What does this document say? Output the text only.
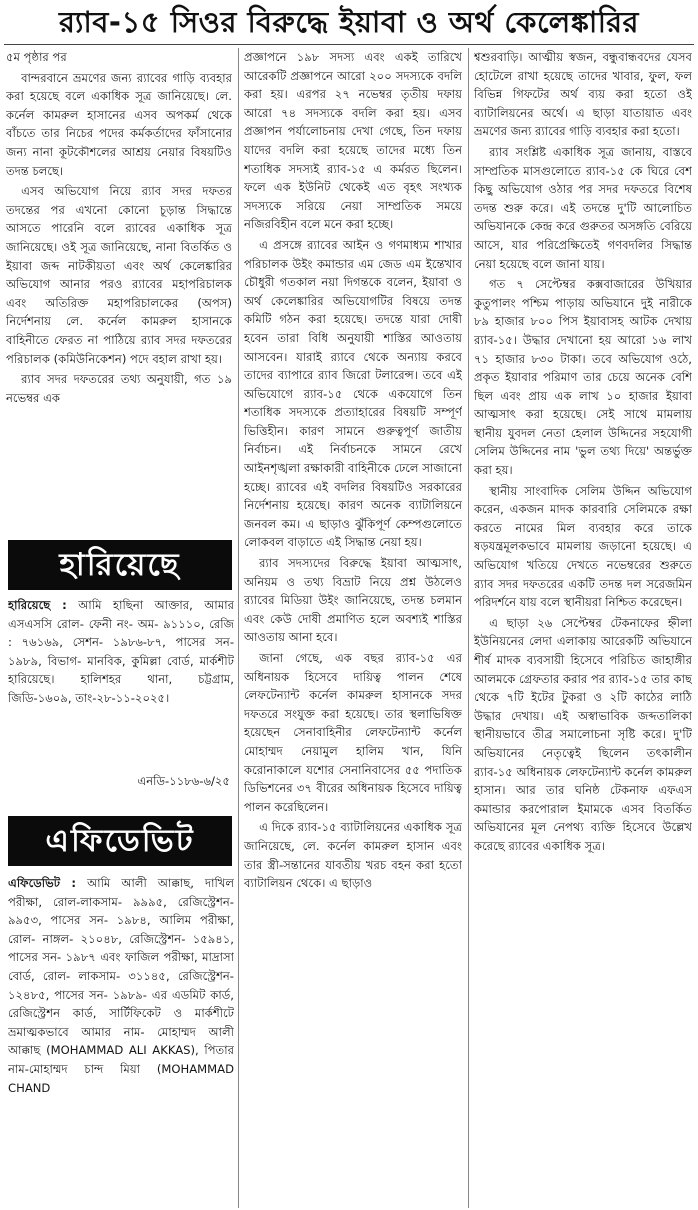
র‍্যাব-১৫ সিওর বিরুদ্ধে ইয়াবা ও অর্থ কেলেঙ্কারির

৫ম পৃষ্ঠার পর

বান্দরবানে ভ্রমণের জন্য র‍্যাবের গাড়ি ব্যবহার করা হয়েছে বলে একাধিক সূত্র জানিয়েছে। লে. কর্নেল কামরুল হাসানের এসব অপকর্ম থেকে বাঁচতে তার নিচের পদের কর্মকর্তাদের ফাঁসানোর জন্য নানা কূটকৌশলের আশ্রয় নেয়ার বিষয়টিও তদন্ত চলছে।

এসব অভিযোগ নিয়ে র‍্যাব সদর দফতর তদন্তের পর এখনো কোনো চূড়ান্ত সিদ্ধান্তে আসতে পারেনি বলে র‍্যাবের একাধিক সূত্র জানিয়েছে। ওই সূত্র জানিয়েছে, নানা বিতর্কিত ও ইয়াবা জব্দ নাটকীয়তা এবং অর্থ কেলেঙ্কারির অভিযোগ আনার পরও র‍্যাবের মহাপরিচালক এবং অতিরিক্ত মহাপরিচালকের (অপস) নির্দেশনায় লে. কর্নেল কামরুল হাসানকে বাহিনীতে ফেরত না পাঠিয়ে র‍্যাব সদর দফতরের পরিচালক (কমিউনিকেশন) পদে বহাল রাখা হয়।

র‍্যাব সদর দফতরের তথ্য অনুযায়ী, গত ১৯ নভেম্বর এক

হারিয়েছে
হারিয়েছে : আমি হাছিনা আক্তার, আমার এসএসসি রোল- ফেনী নং- অম- ৯১১১০, রেজি : ৭৬১৬৯, সেশন- ১৯৮৬-৮৭, পাসের সন- ১৯৮৯, বিভাগ- মানবিক, কুমিল্লা বোর্ড, মার্কশীট হারিয়েছে। হালিশহর থানা, চট্টগ্রাম, জিডি-১৬০৯, তাং-২৮-১১-২০২৫।
এনডি-১১৮৬-৬/২৫
এফিডেভিট
এফিডেভিট : আমি আলী আক্কাছ, দাখিল পরীক্ষা, রোল-লাকসাম- ৯৯৯৫, রেজিস্ট্রেশন- ৯৯৫৩, পাসের সন- ১৯৮৪, আলিম পরীক্ষা, রোল- নাঙ্গল- ২১০৪৮, রেজিস্ট্রেশন- ১৫৯৪১, পাসের সন- ১৯৮৭ এবং ফাজিল পরীক্ষা, মাদ্রাসা বোর্ড, রোল- লাকসাম- ৩১১৪৫, রেজিস্ট্রেশন- ১২৪৮৫, পাসের সন- ১৯৮৯- এর এডমিট কার্ড, রেজিস্ট্রেশন কার্ড, সার্টিফিকেট ও মার্কশীটে ভ্রমাত্মকভাবে আমার নাম- মোহাম্মদ আলী আক্কাছ (MOHAMMAD ALI AKKAS), পিতার নাম-মোহাম্মদ চান্দ মিয়া (MOHAMMAD CHAND

প্রজ্ঞাপনে ১৯৮ সদস্য এবং একই তারিখে আরেকটি প্রজ্ঞাপনে আরো ২০০ সদস্যকে বদলি করা হয়। এরপর ২৭ নভেম্বর তৃতীয় দফায় আরো ৭৪ সদস্যকে বদলি করা হয়। এসব প্রজ্ঞাপন পর্যালোচনায় দেখা গেছে, তিন দফায় যাদের বদলি করা হয়েছে তাদের মধ্যে তিন শতাধিক সদস্যই র‍্যাব-১৫ এ কর্মরত ছিলেন। ফলে এক ইউনিট থেকেই এত বৃহৎ সংখ্যক সদস্যকে সরিয়ে নেয়া সাম্প্রতিক সময়ে নজিরবিহীন বলে মনে করা হচ্ছে।

এ প্রসঙ্গে র‍্যাবের আইন ও গণমাধ্যম শাখার পরিচালক উইং কমান্ডার এম জেড এম ইন্তেখাব চৌধুরী গতকাল নয়া দিগন্তকে বলেন, ইয়াবা ও অর্থ কেলেঙ্কারির অভিযোগটির বিষয়ে তদন্ত কমিটি গঠন করা হয়েছে। তদন্তে যারা দোষী হবেন তারা বিধি অনুযায়ী শাস্তির আওতায় আসবেন। যারাই র‍্যাবে থেকে অন্যায় করবে তাদের ব্যাপারে র‍্যাব জিরো টলারেন্স। তবে এই অভিযোগে র‍্যাব-১৫ থেকে একযোগে তিন শতাধিক সদস্যকে প্রত্যাহারের বিষয়টি সম্পূর্ণ ভিত্তিহীন। কারণ সামনে গুরুত্বপূর্ণ জাতীয় নির্বাচন। এই নির্বাচনকে সামনে রেখে আইনশৃঙ্খলা রক্ষাকারী বাহিনীকে ঢেলে সাজানো হচ্ছে। র‍্যাবের এই বদলির বিষয়টিও সরকারের নির্দেশনায় হয়েছে। কারণ অনেক ব্যাটালিয়নে জনবল কম। এ ছাড়াও ঝুঁকিপূর্ণ কেম্পগুলোতে লোকবল বাড়াতে এই সিদ্ধান্ত নেয়া হয়।

র‍্যাব সদস্যদের বিরুদ্ধে ইয়াবা আত্মসাৎ, অনিয়ম ও তথ্য বিভ্রাট নিয়ে প্রশ্ন উঠলেও র‍্যাবের মিডিয়া উইং জানিয়েছে, তদন্ত চলমান এবং কেউ দোষী প্রমাণিত হলে অবশ্যই শাস্তির আওতায় আনা হবে।

জানা গেছে, এক বছর র‍্যাব-১৫ এর অধিনায়ক হিসেবে দায়িত্ব পালন শেষে লেফটেন্যান্ট কর্নেল কামরুল হাসানকে সদর দফতরে সংযুক্ত করা হয়েছে। তার স্থলাভিষিক্ত হয়েছেন সেনাবাহিনীর লেফটেন্যান্ট কর্নেল মোহাম্মদ নেয়ামুল হালিম খান, যিনি করোনাকালে যশোর সেনানিবাসের ৫৫ পদাতিক ডিভিশনের ৩৭ বীরের অধিনায়ক হিসেবে দায়িত্ব পালন করেছিলেন।

এ দিকে র‍্যাব-১৫ ব্যাটালিয়নের একাধিক সূত্র জানিয়েছে, লে. কর্নেল কামরুল হাসান এবং তার স্ত্রী-সন্তানের যাবতীয় খরচ বহন করা হতো ব্যাটালিয়ন থেকে। এ ছাড়াও

শ্বশুরবাড়ি। আত্মীয় স্বজন, বন্ধুবান্ধবদের যেসব হোটেলে রাখা হয়েছে তাদের খাবার, ফুল, ফল বিভিন্ন গিফটের অর্থ ব্যয় করা হতো ওই ব্যাটালিয়নের অর্থে। এ ছাড়া যাতায়াত এবং ভ্রমণের জন্য র‍্যাবের গাড়ি ব্যবহার করা হতো।

র‍্যাব সংশ্লিষ্ট একাধিক সূত্র জানায়, বাস্তবে সাম্প্রতিক মাসগুলোতে র‍্যাব-১৫ কে ঘিরে বেশ কিছু অভিযোগ ওঠার পর সদর দফতরে বিশেষ তদন্ত শুরু করে। এই তদন্তে দু'টি আলোচিত অভিযানকে কেন্দ্র করে গুরুতর অসঙ্গতি বেরিয়ে আসে, যার পরিপ্রেক্ষিতেই গণবদলির সিদ্ধান্ত নেয়া হয়েছে বলে জানা যায়।

গত ৭ সেপ্টেম্বর কক্সবাজারের উখিয়ার কুতুপালং পশ্চিম পাড়ায় অভিযানে দুই নারীকে ৮৯ হাজার ৮০০ পিস ইয়াবাসহ আটক দেখায় র‍্যাব-১৫। উদ্ধার দেখানো হয় আরো ১৬ লাখ ৭১ হাজার ৮৩০ টাকা। তবে অভিযোগ ওঠে, প্রকৃত ইয়াবার পরিমাণ তার চেয়ে অনেক বেশি ছিল এবং প্রায় এক লাখ ১০ হাজার ইয়াবা আত্মসাৎ করা হয়েছে। সেই সাথে মামলায় স্থানীয় যুবদল নেতা হেলাল উদ্দিনের সহযোগী সেলিম উদ্দিনের নাম 'ভুল তথ্য দিয়ে' অন্তর্ভুক্ত করা হয়।

স্থানীয় সাংবাদিক সেলিম উদ্দিন অভিযোগ করেন, একজন মাদক কারবারি সেলিমকে রক্ষা করতে নামের মিল ব্যবহার করে তাকে ষড়যন্ত্রমূলকভাবে মামলায় জড়ানো হয়েছে। এ অভিযোগ খতিয়ে দেখতে নভেম্বরের শুরুতে র‍্যাব সদর দফতরের একটি তদন্ত দল সরেজমিন পরিদর্শনে যায় বলে স্থানীয়রা নিশ্চিত করেছেন।

এ ছাড়া ২৬ সেপ্টেম্বর টেকনাফের হ্নীলা ইউনিয়নের লেদা এলাকায় আরেকটি অভিযানে শীর্ষ মাদক ব্যবসায়ী হিসেবে পরিচিত জাহাঙ্গীর আলমকে গ্রেফতার করার পর র‍্যাব-১৫ তার কাছ থেকে ৭টি ইটের টুকরা ও ২টি কাঠের লাঠি উদ্ধার দেখায়। এই অস্বাভাবিক জব্দতালিকা স্থানীয়ভাবে তীব্র সমালোচনা সৃষ্টি করে। দু'টি অভিযানের নেতৃত্বেই ছিলেন তৎকালীন র‍্যাব-১৫ অধিনায়ক লেফটেন্যান্ট কর্নেল কামরুল হাসান। আর তার ঘনিষ্ঠ টেকনাফ এফএস কমান্ডার করপোরাল ইমামকে এসব বিতর্কিত অভিযানের মূল নেপথ্য ব্যক্তি হিসেবে উল্লেখ করেছে র‍্যাবের একাধিক সূত্র।
